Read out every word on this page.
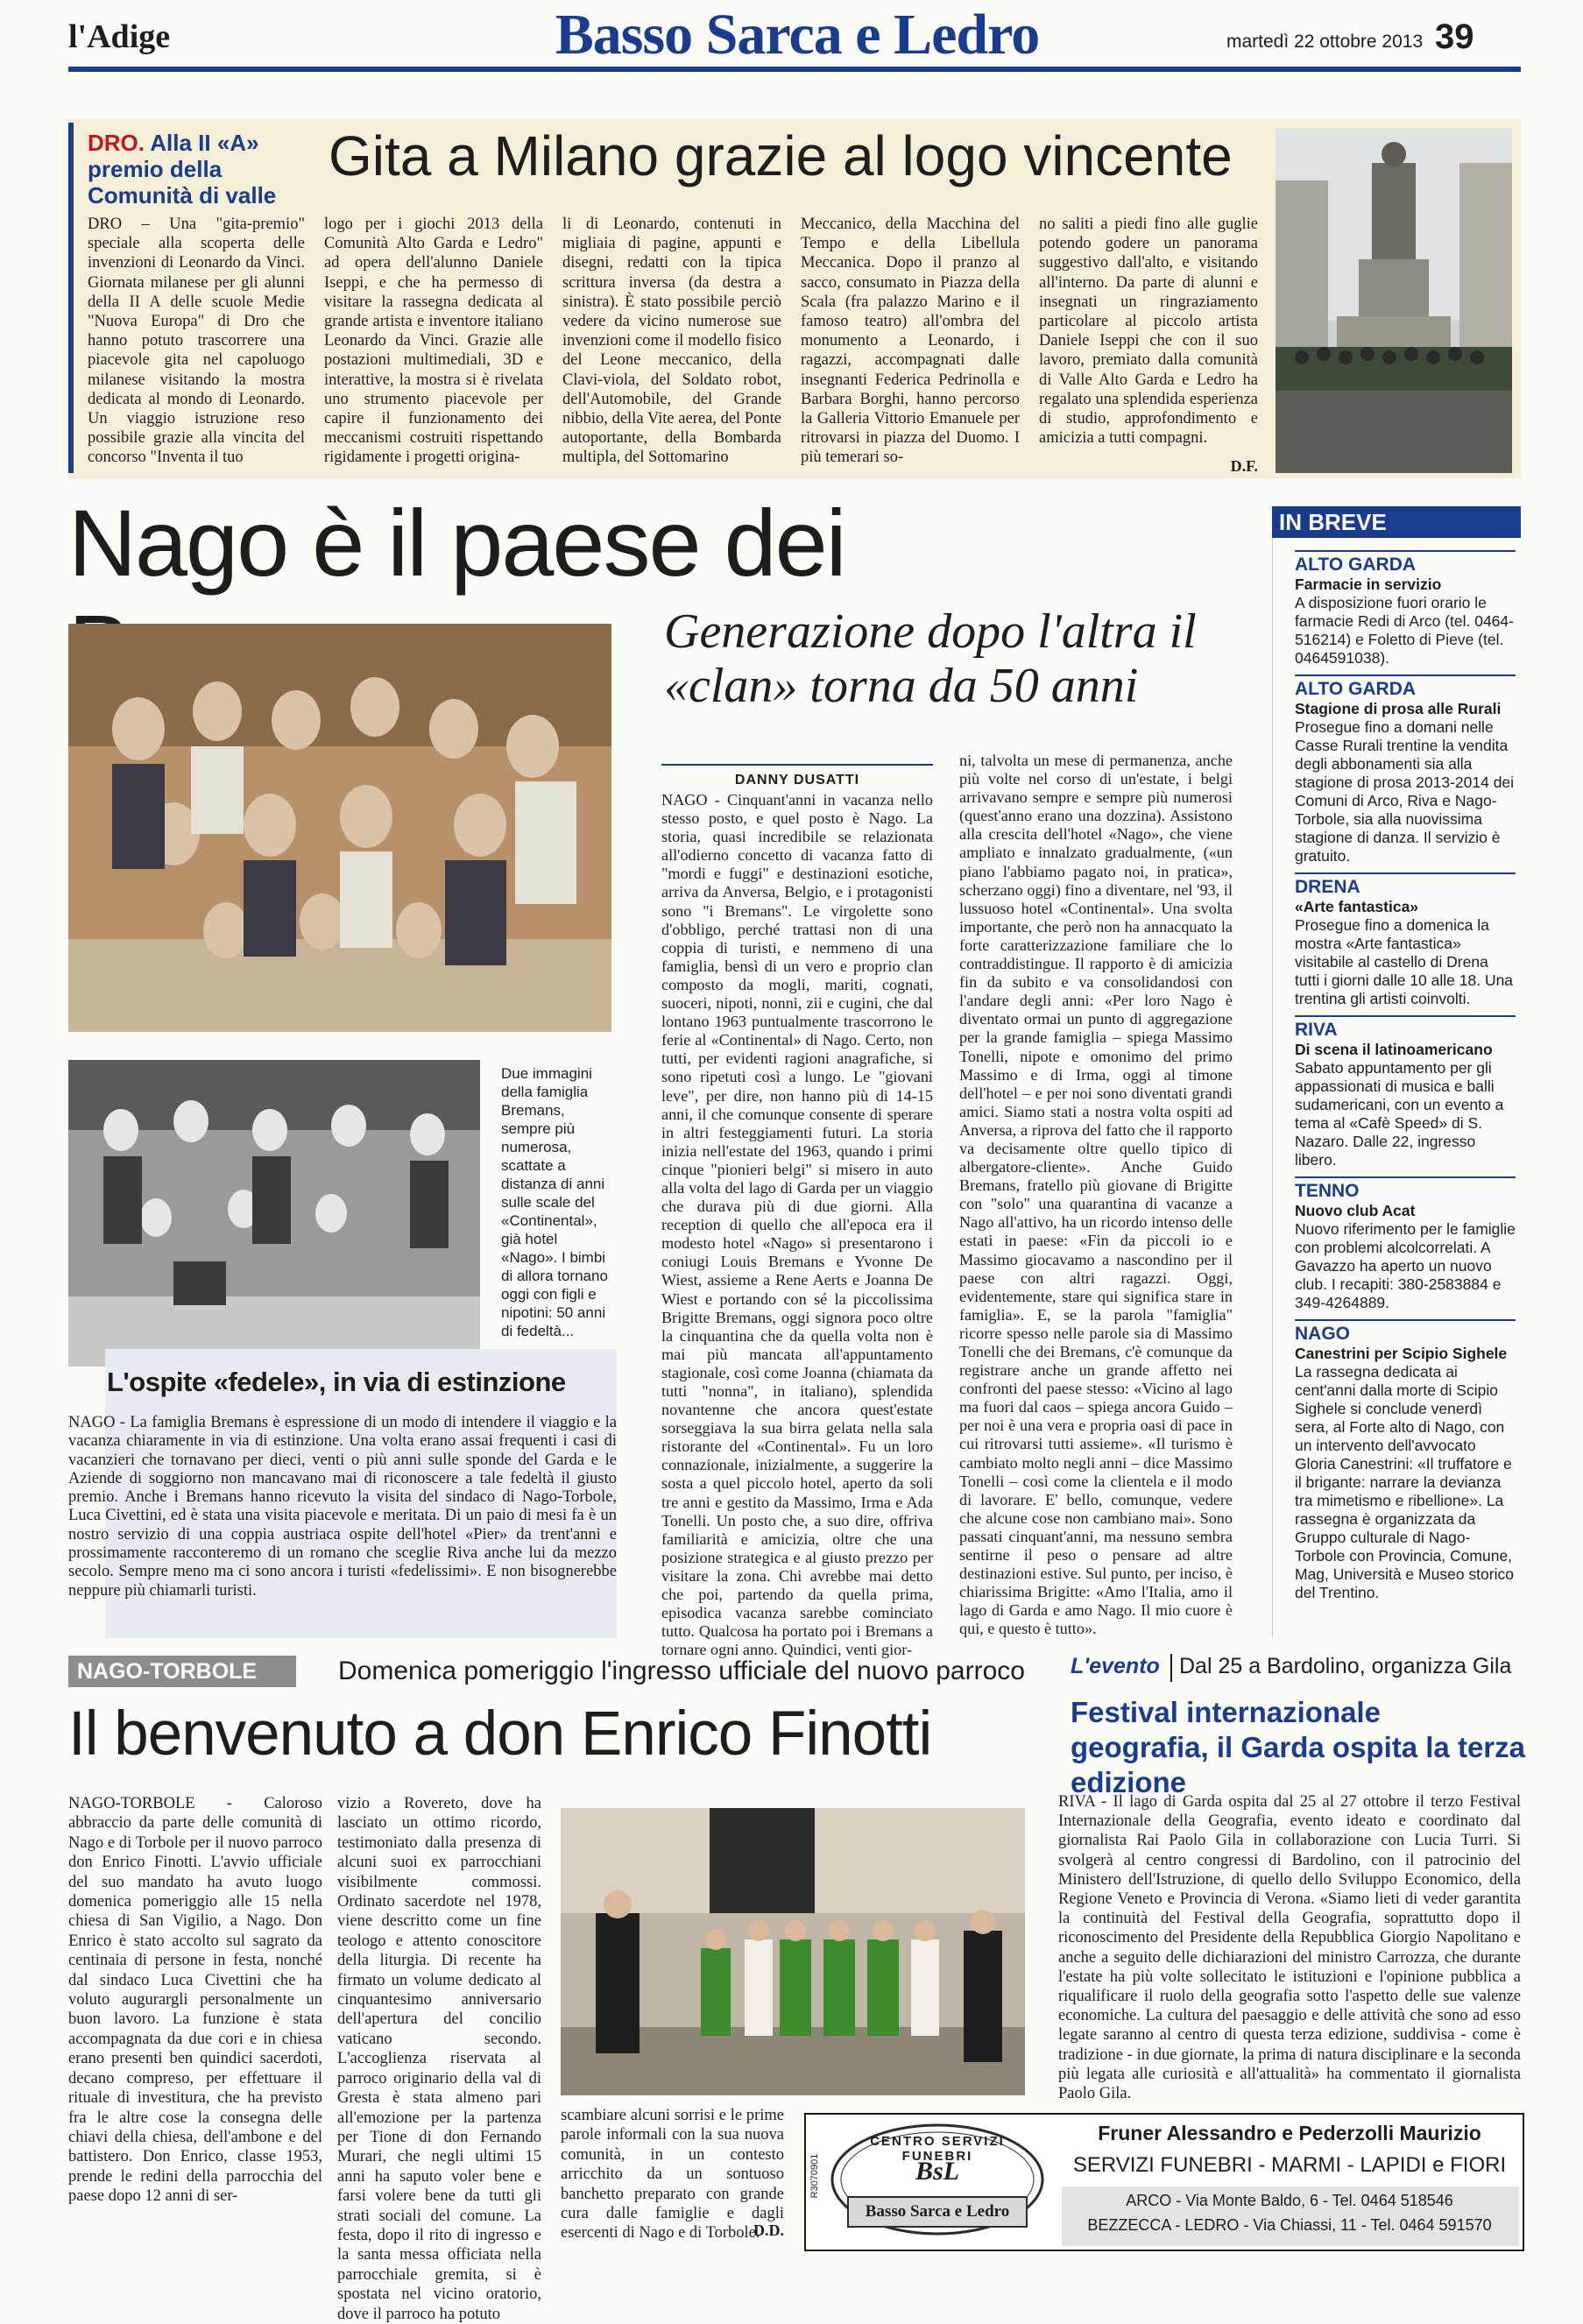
l'Adige	Basso Sarca e Ledro	martedì 22 ottobre 2013 39
DRO. Alla II «A» premio della Comunità di valle
Gita a Milano grazie al logo vincente
DRO – Una "gita-premio" speciale alla scoperta delle invenzioni di Leonardo da Vinci. Giornata milanese per gli alunni della II A delle scuole Medie "Nuova Europa" di Dro che hanno potuto trascorrere una piacevole gita nel capoluogo milanese visitando la mostra dedicata al mondo di Leonardo. Un viaggio istruzione reso possibile grazie alla vincita del concorso "Inventa il tuo
logo per i giochi 2013 della Comunità Alto Garda e Ledro" ad opera dell'alunno Daniele Iseppi, e che ha permesso di visitare la rassegna dedicata al grande artista e inventore italiano Leonardo da Vinci. Grazie alle postazioni multimediali, 3D e interattive, la mostra si è rivelata uno strumento piacevole per capire il funzionamento dei meccanismi costruiti rispettando rigidamente i progetti origina-
li di Leonardo, contenuti in migliaia di pagine, appunti e disegni, redatti con la tipica scrittura inversa (da destra a sinistra). È stato possibile perciò vedere da vicino numerose sue invenzioni come il modello fisico del Leone meccanico, della Clavi-viola, del Soldato robot, dell'Automobile, del Grande nibbio, della Vite aerea, del Ponte autoportante, della Bombarda multipla, del Sottomarino
Meccanico, della Macchina del Tempo e della Libellula Meccanica. Dopo il pranzo al sacco, consumato in Piazza della Scala (fra palazzo Marino e il famoso teatro) all'ombra del monumento a Leonardo, i ragazzi, accompagnati dalle insegnanti Federica Pedrinolla e Barbara Borghi, hanno percorso la Galleria Vittorio Emanuele per ritrovarsi in piazza del Duomo. I più temerari so-
no saliti a piedi fino alle guglie potendo godere un panorama suggestivo dall'alto, e visitando all'interno. Da parte di alunni e insegnati un ringraziamento particolare al piccolo artista Daniele Iseppi che con il suo lavoro, premiato dalla comunità di Valle Alto Garda e Ledro ha regalato una splendida esperienza di studio, approfondimento e amicizia a tutti compagni.
D.F.
Nago è il paese dei
Generazione dopo l'altra il «clan» torna da 50 anni
Due immagini della famiglia Bremans, sempre più numerosa, scattate a distanza di anni sulle scale del «Continental», già hotel «Nago». I bimbi di allora tornano oggi con figli e nipotini: 50 anni di fedeltà...
L'ospite «fedele», in via di estinzione
NAGO - La famiglia Bremans è espressione di un modo di intendere il viaggio e la vacanza chiaramente in via di estinzione. Una volta erano assai frequenti i casi di vacanzieri che tornavano per dieci, venti o più anni sulle sponde del Garda e le Aziende di soggiorno non mancavano mai di riconoscere a tale fedeltà il giusto premio. Anche i Bremans hanno ricevuto la visita del sindaco di Nago-Torbole, Luca Civettini, ed è stata una visita piacevole e meritata. Di un paio di mesi fa è un nostro servizio di una coppia austriaca ospite dell'hotel «Pier» da trent'anni e prossimamente racconteremo di un romano che sceglie Riva anche lui da mezzo secolo. Sempre meno ma ci sono ancora i turisti «fedelissimi». E non bisognerebbe neppure più chiamarli turisti.
DANNY DUSATTI
NAGO - Cinquant'anni in vacanza nello stesso posto, e quel posto è Nago. La storia, quasi incredibile se relazionata all'odierno concetto di vacanza fatto di "mordi e fuggi" e destinazioni esotiche, arriva da Anversa, Belgio, e i protagonisti sono "i Bremans". Le virgolette sono d'obbligo, perché trattasi non di una coppia di turisti, e nemmeno di una famiglia, bensì di un vero e proprio clan composto da mogli, mariti, cognati, suoceri, nipoti, nonni, zii e cugini, che dal lontano 1963 puntualmente trascorrono le ferie al «Continental» di Nago. Certo, non tutti, per evidenti ragioni anagrafiche, si sono ripetuti così a lungo. Le "giovani leve", per dire, non hanno più di 14-15 anni, il che comunque consente di sperare in altri festeggiamenti futuri. La storia inizia nell'estate del 1963, quando i primi cinque "pionieri belgi" si misero in auto alla volta del lago di Garda per un viaggio che durava più di due giorni. Alla reception di quello che all'epoca era il modesto hotel «Nago» si presentarono i coniugi Louis Bremans e Yvonne De Wiest, assieme a Rene Aerts e Joanna De Wiest e portando con sé la piccolissima Brigitte Bremans, oggi signora poco oltre la cinquantina che da quella volta non è mai più mancata all'appuntamento stagionale, così come Joanna (chiamata da tutti "nonna", in italiano), splendida novantenne che ancora quest'estate sorseggiava la sua birra gelata nella sala ristorante del «Continental». Fu un loro connazionale, inizialmente, a suggerire la sosta a quel piccolo hotel, aperto da soli tre anni e gestito da Massimo, Irma e Ada Tonelli. Un posto che, a suo dire, offriva familiarità e amicizia, oltre che una posizione strategica e al giusto prezzo per visitare la zona. Chi avrebbe mai detto che poi, partendo da quella prima, episodica vacanza sarebbe cominciato tutto. Qualcosa ha portato poi i Bremans a tornare ogni anno. Quindici, venti gior-
ni, talvolta un mese di permanenza, anche più volte nel corso di un'estate, i belgi arrivavano sempre e sempre più numerosi (quest'anno erano una dozzina). Assistono alla crescita dell'hotel «Nago», che viene ampliato e innalzato gradualmente, («un piano l'abbiamo pagato noi, in pratica», scherzano oggi) fino a diventare, nel '93, il lussuoso hotel «Continental». Una svolta importante, che però non ha annacquato la forte caratterizzazione familiare che lo contraddistingue. Il rapporto è di amicizia fin da subito e va consolidandosi con l'andare degli anni: «Per loro Nago è diventato ormai un punto di aggregazione per la grande famiglia – spiega Massimo Tonelli, nipote e omonimo del primo Massimo e di Irma, oggi al timone dell'hotel – e per noi sono diventati grandi amici. Siamo stati a nostra volta ospiti ad Anversa, a riprova del fatto che il rapporto va decisamente oltre quello tipico di albergatore-cliente». Anche Guido Bremans, fratello più giovane di Brigitte con "solo" una quarantina di vacanze a Nago all'attivo, ha un ricordo intenso delle estati in paese: «Fin da piccoli io e Massimo giocavamo a nascondino per il paese con altri ragazzi. Oggi, evidentemente, stare qui significa stare in famiglia». E, se la parola "famiglia" ricorre spesso nelle parole sia di Massimo Tonelli che dei Bremans, c'è comunque da registrare anche un grande affetto nei confronti del paese stesso: «Vicino al lago ma fuori dal caos – spiega ancora Guido – per noi è una vera e propria oasi di pace in cui ritrovarsi tutti assieme». «Il turismo è cambiato molto negli anni – dice Massimo Tonelli – così come la clientela e il modo di lavorare. E' bello, comunque, vedere che alcune cose non cambiano mai». Sono passati cinquant'anni, ma nessuno sembra sentirne il peso o pensare ad altre destinazioni estive. Sul punto, per inciso, è chiarissima Brigitte: «Amo l'Italia, amo il lago di Garda e amo Nago. Il mio cuore è qui, e questo è tutto».
IN BREVE
ALTO GARDA
Farmacie in servizio
A disposizione fuori orario le farmacie Redi di Arco (tel. 0464-516214) e Foletto di Pieve (tel. 0464591038).
ALTO GARDA
Stagione di prosa alle Rurali
Prosegue fino a domani nelle Casse Rurali trentine la vendita degli abbonamenti sia alla stagione di prosa 2013-2014 dei Comuni di Arco, Riva e Nago-Torbole, sia alla nuovissima stagione di danza. Il servizio è gratuito.
DRENA
«Arte fantastica»
Prosegue fino a domenica la mostra «Arte fantastica» visitabile al castello di Drena tutti i giorni dalle 10 alle 18. Una trentina gli artisti coinvolti.
RIVA
Di scena il latinoamericano
Sabato appuntamento per gli appassionati di musica e balli sudamericani, con un evento a tema al «Cafè Speed» di S. Nazaro. Dalle 22, ingresso libero.
TENNO
Nuovo club Acat
Nuovo riferimento per le famiglie con problemi alcolcorrelati. A Gavazzo ha aperto un nuovo club. I recapiti: 380-2583884 e 349-4264889.
NAGO
Canestrini per Scipio Sighele
La rassegna dedicata ai cent'anni dalla morte di Scipio Sighele si conclude venerdì sera, al Forte alto di Nago, con un intervento dell'avvocato Gloria Canestrini: «Il truffatore e il brigante: narrare la devianza tra mimetismo e ribellione». La rassegna è organizzata da Gruppo culturale di Nago-Torbole con Provincia, Comune, Mag, Università e Museo storico del Trentino.
NAGO-TORBOLE	Domenica pomeriggio l'ingresso ufficiale del nuovo parroco
Il benvenuto a don Enrico Finotti
NAGO-TORBOLE - Caloroso abbraccio da parte delle comunità di Nago e di Torbole per il nuovo parroco don Enrico Finotti. L'avvio ufficiale del suo mandato ha avuto luogo domenica pomeriggio alle 15 nella chiesa di San Vigilio, a Nago. Don Enrico è stato accolto sul sagrato da centinaia di persone in festa, nonché dal sindaco Luca Civettini che ha voluto augurargli personalmente un buon lavoro. La funzione è stata accompagnata da due cori e in chiesa erano presenti ben quindici sacerdoti, decano compreso, per effettuare il rituale di investitura, che ha previsto fra le altre cose la consegna delle chiavi della chiesa, dell'ambone e del battistero. Don Enrico, classe 1953, prende le redini della parrocchia del paese dopo 12 anni di ser-
vizio a Rovereto, dove ha lasciato un ottimo ricordo, testimoniato dalla presenza di alcuni suoi ex parrocchiani visibilmente commossi. Ordinato sacerdote nel 1978, viene descritto come un fine teologo e attento conoscitore della liturgia. Di recente ha firmato un volume dedicato al cinquantesimo anniversario dell'apertura del concilio vaticano secondo. L'accoglienza riservata al parroco originario della val di Gresta è stata almeno pari all'emozione per la partenza per Tione di don Fernando Murari, che negli ultimi 15 anni ha saputo voler bene e farsi volere bene da tutti gli strati sociali del comune. La festa, dopo il rito di ingresso e la santa messa officiata nella parrocchiale gremita, si è spostata nel vicino oratorio, dove il parroco ha potuto
scambiare alcuni sorrisi e le prime parole informali con la sua nuova comunità, in un contesto arricchito da un sontuoso banchetto preparato con grande cura dalle famiglie e dagli esercenti di Nago e di Torbole.
D.D.
L'evento Dal 25 a Bardolino, organizza Gila
Festival internazionale geografia, il Garda ospita la terza edizione
RIVA - Il lago di Garda ospita dal 25 al 27 ottobre il terzo Festival Internazionale della Geografia, evento ideato e coordinato dal giornalista Rai Paolo Gila in collaborazione con Lucia Turri. Si svolgerà al centro congressi di Bardolino, con il patrocinio del Ministero dell'Istruzione, di quello dello Sviluppo Economico, della Regione Veneto e Provincia di Verona. «Siamo lieti di veder garantita la continuità del Festival della Geografia, soprattutto dopo il riconoscimento del Presidente della Repubblica Giorgio Napolitano e anche a seguito delle dichiarazioni del ministro Carrozza, che durante l'estate ha più volte sollecitato le istituzioni e l'opinione pubblica a riqualificare il ruolo della geografia sotto l'aspetto delle sue valenze economiche. La cultura del paesaggio e delle attività che sono ad esso legate saranno al centro di questa terza edizione, suddivisa - come è tradizione - in due giornate, la prima di natura disciplinare e la seconda più legata alle curiosità e all'attualità» ha commentato il giornalista Paolo Gila.
R3070901
CENTRO SERVIZI FUNEBRI
BsL
Basso Sarca e Ledro
Fruner Alessandro e Pederzolli Maurizio
SERVIZI FUNEBRI - MARMI - LAPIDI e FIORI
ARCO - Via Monte Baldo, 6 - Tel. 0464 518546
BEZZECCA - LEDRO - Via Chiassi, 11 - Tel. 0464 591570
